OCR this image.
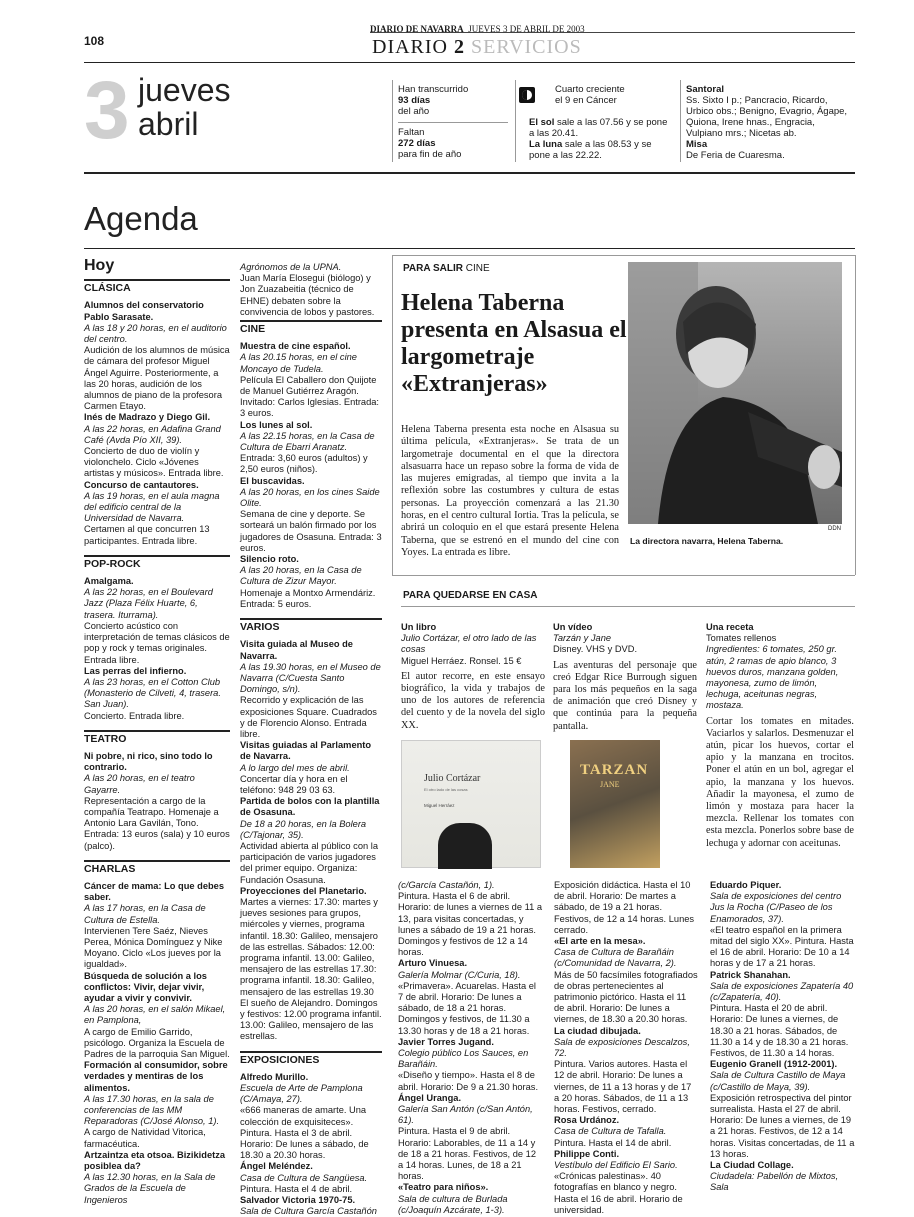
DIARIO DE NAVARRA JUEVES 3 DE ABRIL DE 2003
108	DIARIO 2 SERVICIOS
3 jueves
abril
Han transcurrido
93 días
del año
Faltan
272 días
para fin de año
Cuarto creciente
el 9 en Cáncer
El sol sale a las 07.56 y se pone a las 20.41.
La luna sale a las 08.53 y se pone a las 22.22.
Santoral
Ss. Sixto I p.; Pancracio, Ricardo, Urbico obs.; Benigno, Evagrio, Ágape, Quiona, Irene hnas., Engracia, Vulpiano mrs.; Nicetas ab.
Misa
De Feria de Cuaresma.
Agenda
Hoy
CLÁSICA

Alumnos del conservatorio Pablo Sarasate.

A las 18 y 20 horas, en el auditorio del centro.

Audición de los alumnos de música de cámara del profesor Miguel Ángel Aguirre. Posteriormente, a las 20 horas, audición de los alumnos de piano de la profesora Carmen Etayo.

Inés de Madrazo y Diego Gil.

A las 22 horas, en Adafina Grand Café (Avda Pío XII, 39).

Concierto de duo de violín y violonchelo. Ciclo «Jóvenes artistas y músicos». Entrada libre.

Concurso de cantautores.

A las 19 horas, en el aula magna del edificio central de la Universidad de Navarra.

Certamen al que concurren 13 participantes. Entrada libre.

POP-ROCK

Amalgama.

A las 22 horas, en el Boulevard Jazz (Plaza Félix Huarte, 6, trasera. Iturrama).

Concierto acústico con interpretación de temas clásicos de pop y rock y temas originales. Entrada libre.

Las perras del infierno.

A las 23 horas, en el Cotton Club (Monasterio de Cilveti, 4, trasera. San Juan).

Concierto. Entrada libre.

TEATRO

Ni pobre, ni rico, sino todo lo contrario.

A las 20 horas, en el teatro Gayarre.

Representación a cargo de la compañía Teatrapo. Homenaje a Antonio Lara Gavilán, Tono. Entrada: 13 euros (sala) y 10 euros (palco).

CHARLAS

Cáncer de mama: Lo que debes saber.

A las 17 horas, en la Casa de Cultura de Estella.

Intervienen Tere Saéz, Nieves Perea, Mónica Domínguez y Nike Moyano. Ciclo «Los jueves por la igualdad».

Búsqueda de solución a los conflictos: Vivir, dejar vivir, ayudar a vivir y convivir.

A las 20 horas, en el salón Mikael, en Pamplona,

A cargo de Emilio Garrido, psicólogo. Organiza la Escuela de Padres de la parroquia San Miguel.

Formación al consumidor, sobre verdades y mentiras de los alimentos.

A las 17.30 horas, en la sala de conferencias de las MM Reparadoras (C/José Alonso, 1).

A cargo de Natividad Vitorica, farmacéutica.

Artzaintza eta otsoa. Bizikidetza posiblea da?

A las 12.30 horas, en la Sala de Grados de la Escuela de Ingenieros

Agrónomos de la UPNA.

Juan María Elosegui (biólogo) y Jon Zuazabeitia (técnico de EHNE) debaten sobre la convivencia de lobos y pastores.

CINE

Muestra de cine español.

A las 20.15 horas, en el cine Moncayo de Tudela.

Película El Caballero don Quijote de Manuel Gutiérrez Aragón. Invitado: Carlos Iglesias. Entrada: 3 euros.

Los lunes al sol.

A las 22.15 horas, en la Casa de Cultura de Ebarri Aranatz.

Entrada: 3,60 euros (adultos) y 2,50 euros (niños).

El buscavidas.

A las 20 horas, en los cines Saide Olite.

Semana de cine y deporte. Se sorteará un balón firmado por los jugadores de Osasuna. Entrada: 3 euros.

Silencio roto.

A las 20 horas, en la Casa de Cultura de Zizur Mayor.

Homenaje a Montxo Armendáriz. Entrada: 5 euros.

VARIOS

Visita guiada al Museo de Navarra.

A las 19.30 horas, en el Museo de Navarra (C/Cuesta Santo Domingo, s/n).

Recorrido y explicación de las exposiciones Square. Cuadrados y de Florencio Alonso. Entrada libre.

Visitas guiadas al Parlamento de Navarra.

A lo largo del mes de abril.

Concertar día y hora en el teléfono: 948 29 03 63.

Partida de bolos con la plantilla de Osasuna.

De 18 a 20 horas, en la Bolera (C/Tajonar, 35).

Actividad abierta al público con la participación de varios jugadores del primer equipo. Organiza: Fundación Osasuna.

Proyecciones del Planetario.

Martes a viernes: 17.30: martes y jueves sesiones para grupos, miércoles y viernes, programa infantil. 18.30: Galileo, mensajero de las estrellas. Sábados: 12.00: programa infantil. 13.00: Galileo, mensajero de las estrellas 17.30: programa infantil. 18.30: Galileo, mensajero de las estrellas 19.30 El sueño de Alejandro. Domingos y festivos: 12.00 programa infantil. 13.00: Galileo, mensajero de las estrellas.

EXPOSICIONES

Alfredo Murillo.

Escuela de Arte de Pamplona (C/Amaya, 27).

«666 maneras de amarte. Una colección de exquisiteces». Pintura. Hasta el 3 de abril. Horario: De lunes a sábado, de 18.30 a 20.30 horas.

Ángel Meléndez.

Casa de Cultura de Sangüesa.

Pintura. Hasta el 4 de abril.

Salvador Victoria 1970-75.

Sala de Cultura García Castañón

PARA SALIR CINE
Helena Taberna presenta en Alsasua el largometraje «Extranjeras»
Helena Taberna presenta esta noche en Alsasua su última película, «Extranjeras». Se trata de un largometraje documental en el que la directora alsasuarra hace un repaso sobre la forma de vida de las mujeres emigradas, al tiempo que invita a la reflexión sobre las costumbres y cultura de estas personas. La proyección comenzará a las 21.30 horas, en el centro cultural Iortia. Tras la película, se abrirá un coloquio en el que estará presente Helena Taberna, que se estrenó en el mundo del cine con Yoyes. La entrada es libre.
DDN
La directora navarra, Helena Taberna.
PARA QUEDARSE EN CASA
Un libro
Julio Cortázar, el otro lado de las cosas
Miguel Herráez. Ronsel. 15 €
El autor recorre, en este ensayo biográfico, la vida y trabajos de uno de los autores de referencia del cuento y de la novela del siglo XX.
Julio Cortázar
El otro lado de las cosas
Miguel Herráez
Un vídeo
Tarzán y Jane
Disney. VHS y DVD.
Las aventuras del personaje que creó Edgar Rice Burrough siguen para los más pequeños en la saga de animación que creó Disney y que continúa para la pequeña pantalla.
TARZAN
JANE
Una receta
Tomates rellenos
Ingredientes: 6 tomates, 250 gr. atún, 2 ramas de apio blanco, 3 huevos duros, manzana golden, mayonesa, zumo de limón, lechuga, aceitunas negras, mostaza.
Cortar los tomates en mitades. Vaciarlos y salarlos. Desmenuzar el atún, picar los huevos, cortar el apio y la manzana en trocitos. Poner el atún en un bol, agregar el apio, la manzana y los huevos. Añadir la mayonesa, el zumo de limón y mostaza para hacer la mezcla. Rellenar los tomates con esta mezcla. Ponerlos sobre base de lechuga y adornar con aceitunas.

(c/García Castañón, 1).

Pintura. Hasta el 6 de abril. Horario: de lunes a viernes de 11 a 13, para visitas concertadas, y lunes a sábado de 19 a 21 horas. Domingos y festivos de 12 a 14 horas.

Arturo Vinuesa.

Galería Molmar (C/Curia, 18).

«Primavera». Acuarelas. Hasta el 7 de abril. Horario: De lunes a sábado, de 18 a 21 horas. Domingos y festivos, de 11.30 a 13.30 horas y de 18 a 21 horas.

Javier Torres Jugand.

Colegio público Los Sauces, en Barañáin.

«Diseño y tiempo». Hasta el 8 de abril. Horario: De 9 a 21.30 horas.

Ángel Uranga.

Galería San Antón (c/San Antón, 61).

Pintura. Hasta el 9 de abril. Horario: Laborables, de 11 a 14 y de 18 a 21 horas. Festivos, de 12 a 14 horas. Lunes, de 18 a 21 horas.

«Teatro para niños».

Sala de cultura de Burlada (c/Joaquín Azcárate, 1-3).

Exposición didáctica. Hasta el 10 de abril. Horario: De martes a sábado, de 19 a 21 horas. Festivos, de 12 a 14 horas. Lunes cerrado.

«El arte en la mesa».

Casa de Cultura de Barañáin (c/Comunidad de Navarra, 2).

Más de 50 facsímiles fotografiados de obras pertenecientes al patrimonio pictórico. Hasta el 11 de abril. Horario: De lunes a viernes, de 18.30 a 20.30 horas.

La ciudad dibujada.

Sala de exposiciones Descalzos, 72.

Pintura. Varios autores. Hasta el 12 de abril. Horario: De lunes a viernes, de 11 a 13 horas y de 17 a 20 horas. Sábados, de 11 a 13 horas. Festivos, cerrado.

Rosa Urdánoz.

Casa de Cultura de Tafalla.

Pintura. Hasta el 14 de abril.

Philippe Conti.

Vestíbulo del Edificio El Sario.

«Crónicas palestinas». 40 fotografías en blanco y negro. Hasta el 16 de abril. Horario de universidad.

Eduardo Piquer.

Sala de exposiciones del centro Jus la Rocha (C/Paseo de los Enamorados, 37).

«El teatro español en la primera mitad del siglo XX». Pintura. Hasta el 16 de abril. Horario: De 10 a 14 horas y de 17 a 21 horas.

Patrick Shanahan.

Sala de exposiciones Zapatería 40 (c/Zapatería, 40).

Pintura. Hasta el 20 de abril. Horario: De lunes a viernes, de 18.30 a 21 horas. Sábados, de 11.30 a 14 y de 18.30 a 21 horas. Festivos, de 11.30 a 14 horas.

Eugenio Granell (1912-2001).

Sala de Cultura Castillo de Maya (c/Castillo de Maya, 39).

Exposición retrospectiva del pintor surrealista. Hasta el 27 de abril. Horario: De lunes a viernes, de 19 a 21 horas. Festivos, de 12 a 14 horas. Visitas concertadas, de 11 a 13 horas.

La Ciudad Collage.

Ciudadela: Pabellón de Mixtos, Sala
